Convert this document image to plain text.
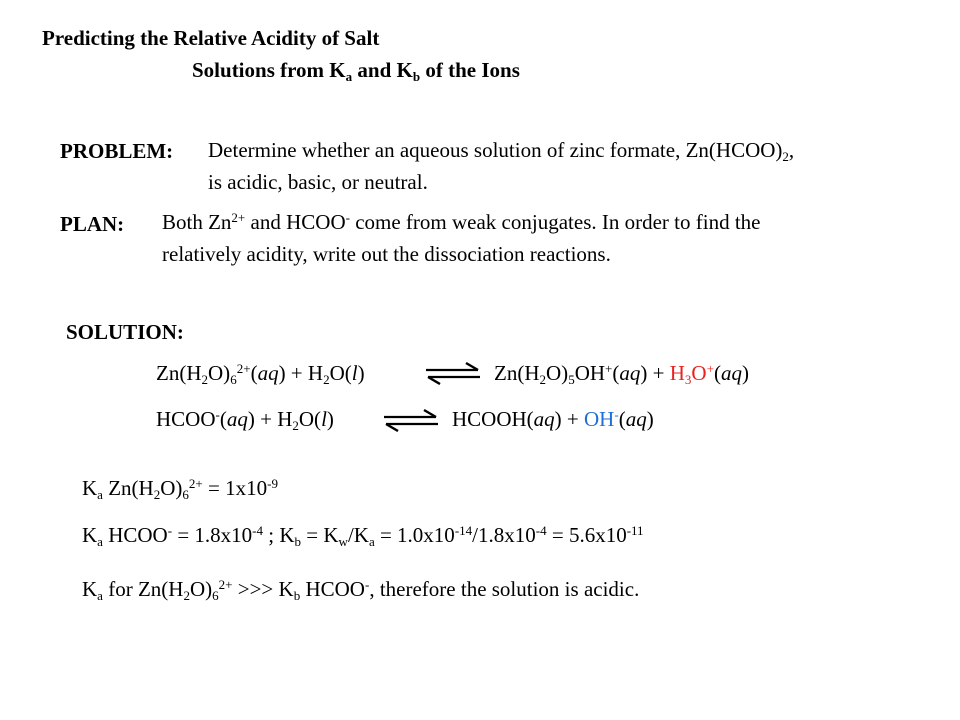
Predicting the Relative Acidity of Salt
Solutions from $K_a$ and $K_b$ of the Ions
PROBLEM: Determine whether an aqueous solution of zinc formate, $Zn(HCOO)_2$,
is acidic, basic, or neutral.
PLAN: Both $Zn^{2+}$ and HCOO- come from weak conjugates. In order to find the
relatively acidity, write out the dissociation reactions.
SOLUTION:
$Zn(H_2O)_6^{2+}(aq) + H_2O(l)$	⇌ $Zn(H_2O)_5OH^+(aq) + H_3O^+(aq)$
HCOO-(aq) + $H_2O(l)$	⇌ HCOOH(aq) + OH-(aq)
$K_a$ $Zn(H_2O)_6^{2+} = 1x10^{-9}$
$K_a$ HCOO- = $1.8x10^{-4}$ ; $K_b = K_w/K_a = 1.0x10^{-14}/1.8x10^{-4} = 5.6x10^{-11}$
$K_a$ for $Zn(H_2O)_6^{2+}$ >>> $K_b$ HCOO-, therefore the solution is acidic.
